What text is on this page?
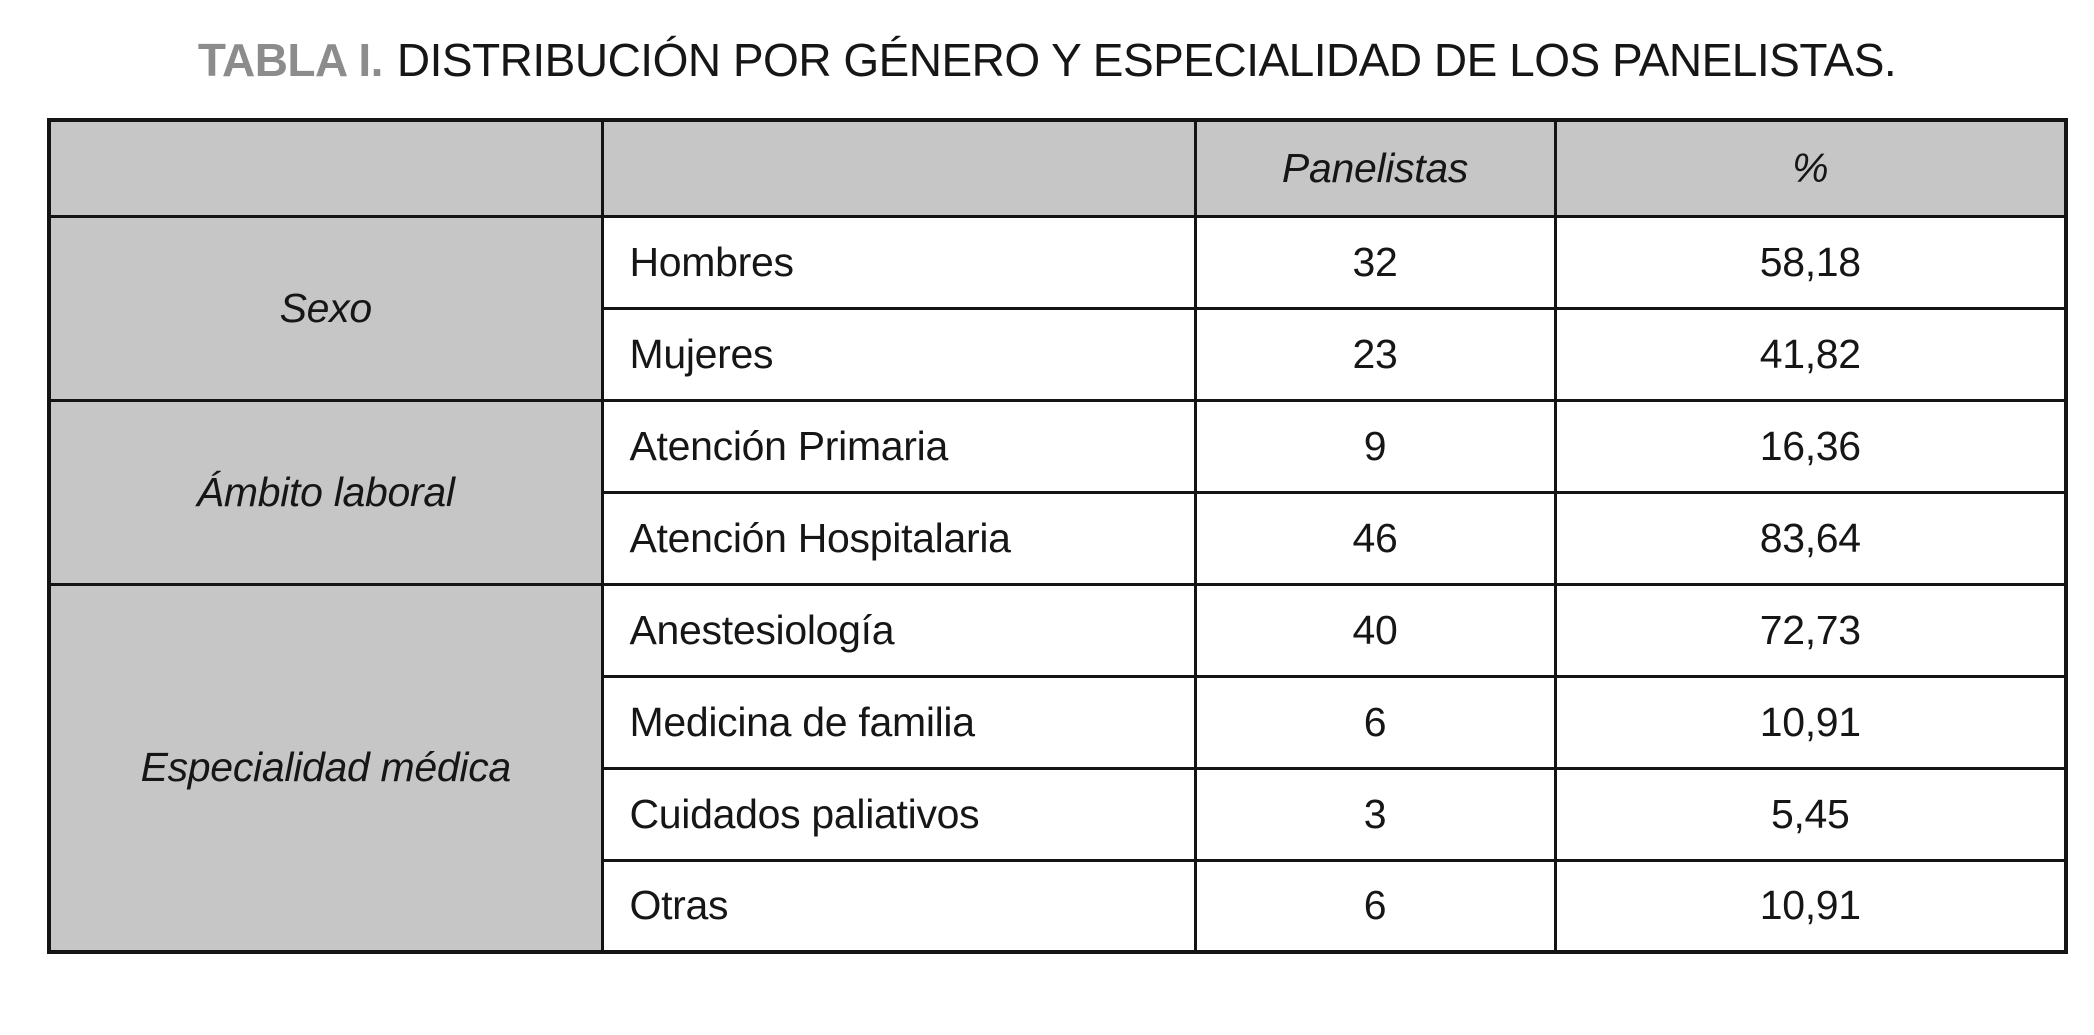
TABLA I. DISTRIBUCIÓN POR GÉNERO Y ESPECIALIDAD DE LOS PANELISTAS.
		Panelistas	%
Sexo	Hombres	32	58,18
	Mujeres	23	41,82
Ámbito laboral	Atención Primaria	9	16,36
	Atención Hospitalaria	46	83,64
Especialidad médica	Anestesiología	40	72,73
	Medicina de familia	6	10,91
	Cuidados paliativos	3	5,45
	Otras	6	10,91
